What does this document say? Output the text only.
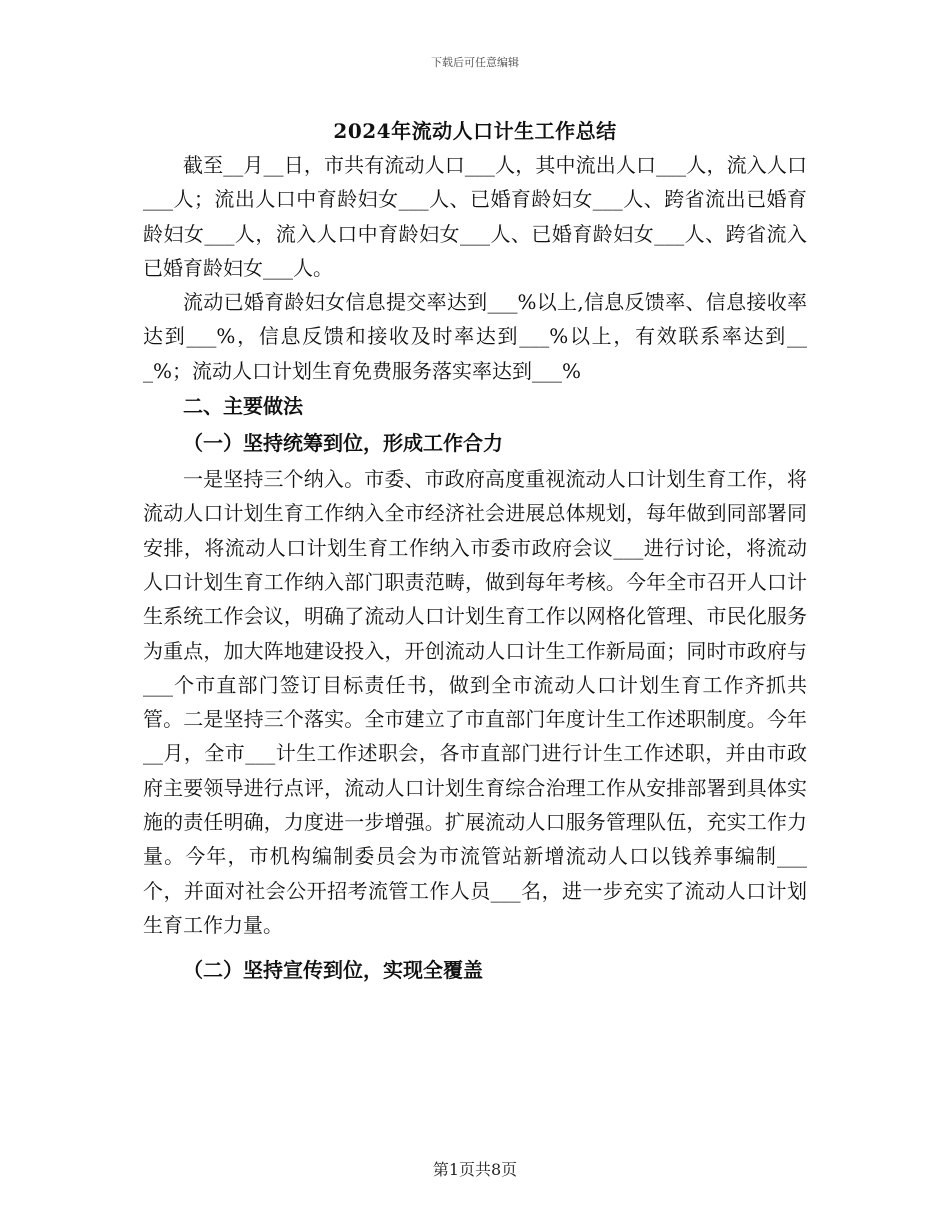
下载后可任意编辑
2024年流动人口计生工作总结

截至__月__日，市共有流动人口___人，其中流出人口___人，流入人口___人；流出人口中育龄妇女___人、已婚育龄妇女___人、跨省流出已婚育龄妇女___人，流入人口中育龄妇女___人、已婚育龄妇女___人、跨省流入已婚育龄妇女___人。

流动已婚育龄妇女信息提交率达到___%以上,信息反馈率、信息接收率达到___%，信息反馈和接收及时率达到___%以上，有效联系率达到___%；流动人口计划生育免费服务落实率达到___%

二、主要做法

（一）坚持统筹到位，形成工作合力

一是坚持三个纳入。市委、市政府高度重视流动人口计划生育工作，将流动人口计划生育工作纳入全市经济社会进展总体规划，每年做到同部署同安排，将流动人口计划生育工作纳入市委市政府会议___进行讨论，将流动人口计划生育工作纳入部门职责范畴，做到每年考核。今年全市召开人口计生系统工作会议，明确了流动人口计划生育工作以网格化管理、市民化服务为重点，加大阵地建设投入，开创流动人口计生工作新局面；同时市政府与___个市直部门签订目标责任书，做到全市流动人口计划生育工作齐抓共管。二是坚持三个落实。全市建立了市直部门年度计生工作述职制度。今年__月，全市___计生工作述职会，各市直部门进行计生工作述职，并由市政府主要领导进行点评，流动人口计划生育综合治理工作从安排部署到具体实施的责任明确，力度进一步增强。扩展流动人口服务管理队伍，充实工作力量。今年，市机构编制委员会为市流管站新增流动人口以钱养事编制___个，并面对社会公开招考流管工作人员___名，进一步充实了流动人口计划生育工作力量。

（二）坚持宣传到位，实现全覆盖

第1页共8页
